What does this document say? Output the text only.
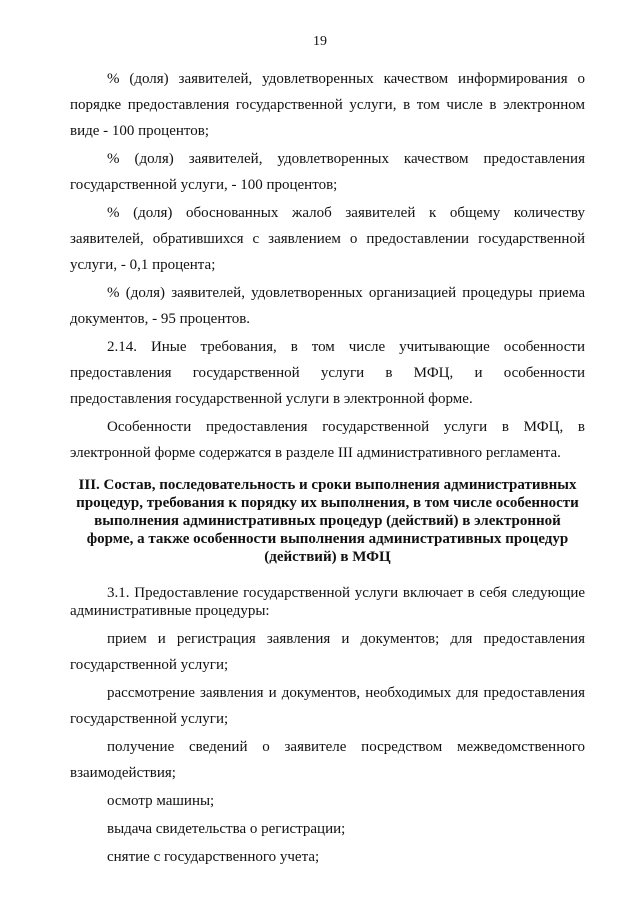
19

% (доля) заявителей, удовлетворенных качеством информирования о порядке предоставления государственной услуги, в том числе в электронном виде - 100 процентов;

% (доля) заявителей, удовлетворенных качеством предоставления государственной услуги, - 100 процентов;

% (доля) обоснованных жалоб заявителей к общему количеству заявителей, обратившихся с заявлением о предоставлении государственной услуги, - 0,1 процента;

% (доля) заявителей, удовлетворенных организацией процедуры приема документов, - 95 процентов.

2.14. Иные требования, в том числе учитывающие особенности предоставления государственной услуги в МФЦ, и особенности предоставления государственной услуги в электронной форме.

Особенности предоставления государственной услуги в МФЦ, в электронной форме содержатся в разделе III административного регламента.

III. Состав, последовательность и сроки выполнения административных процедур, требования к порядку их выполнения, в том числе особенности выполнения административных процедур (действий) в электронной форме, а также особенности выполнения административных процедур (действий) в МФЦ

3.1. Предоставление государственной услуги включает в себя следующие административные процедуры:

прием и регистрация заявления и документов; для предоставления государственной услуги;

рассмотрение заявления и документов, необходимых для предоставления государственной услуги;

получение сведений о заявителе посредством межведомственного взаимодействия;

осмотр машины;

выдача свидетельства о регистрации;

снятие с государственного учета;
